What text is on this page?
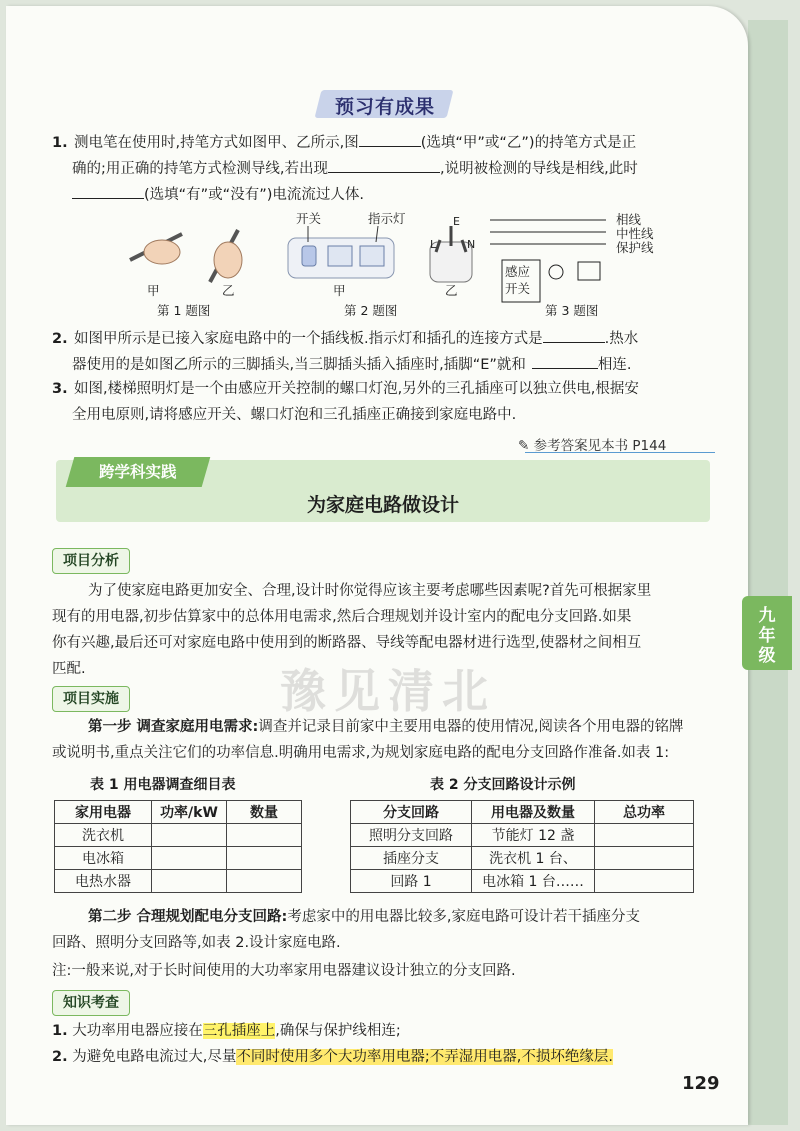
九年级
预习有成果
1. 测电笔在使用时,持笔方式如图甲、乙所示,图	(选填“甲”或“乙”)的持笔方式是正
确的;用正确的持笔方式检测导线,若出现	,说明被检测的导线是相线,此时
(选填“有”或“没有”)电流流过人体.
甲	乙
第 1 题图
开关	指示灯
甲	乙
第 2 题图
E
L	N
相线
中性线
保护线
感应
开关
第 3 题图
2. 如图甲所示是已接入家庭电路中的一个插线板.指示灯和插孔的连接方式是	.热水
器使用的是如图乙所示的三脚插头,当三脚插头插入插座时,插脚“E”就和	相连.
3. 如图,楼梯照明灯是一个由感应开关控制的螺口灯泡,另外的三孔插座可以独立供电,根据安
全用电原则,请将感应开关、螺口灯泡和三孔插座正确接到家庭电路中.
✎ 参考答案见本书 P144
跨学科实践
为家庭电路做设计
项目分析
为了使家庭电路更加安全、合理,设计时你觉得应该主要考虑哪些因素呢?首先可根据家里
现有的用电器,初步估算家中的总体用电需求,然后合理规划并设计室内的配电分支回路.如果
你有兴趣,最后还可对家庭电路中使用到的断路器、导线等配电器材进行选型,使器材之间相互
匹配.
项目实施
第一步 调查家庭用电需求:调查并记录目前家中主要用电器的使用情况,阅读各个用电器的铭牌
或说明书,重点关注它们的功率信息.明确用电需求,为规划家庭电路的配电分支回路作准备.如表 1:
表 1 用电器调查细目表	表 2 分支回路设计示例
家用电器	功率/kW	数量
洗衣机		
电冰箱		
电热水器		
分支回路	用电器及数量	总功率
照明分支回路	节能灯 12 盏	
插座分支	洗衣机 1 台、	
回路 1	电冰箱 1 台……	
第二步 合理规划配电分支回路:考虑家中的用电器比较多,家庭电路可设计若干插座分支
回路、照明分支回路等,如表 2.设计家庭电路.
注:一般来说,对于长时间使用的大功率家用电器建议设计独立的分支回路.
知识考查
1. 大功率用电器应接在三孔插座上,确保与保护线相连;
2. 为避免电路电流过大,尽量不同时使用多个大功率用电器;不弄湿用电器,不损坏绝缘层.
豫见清北
129
